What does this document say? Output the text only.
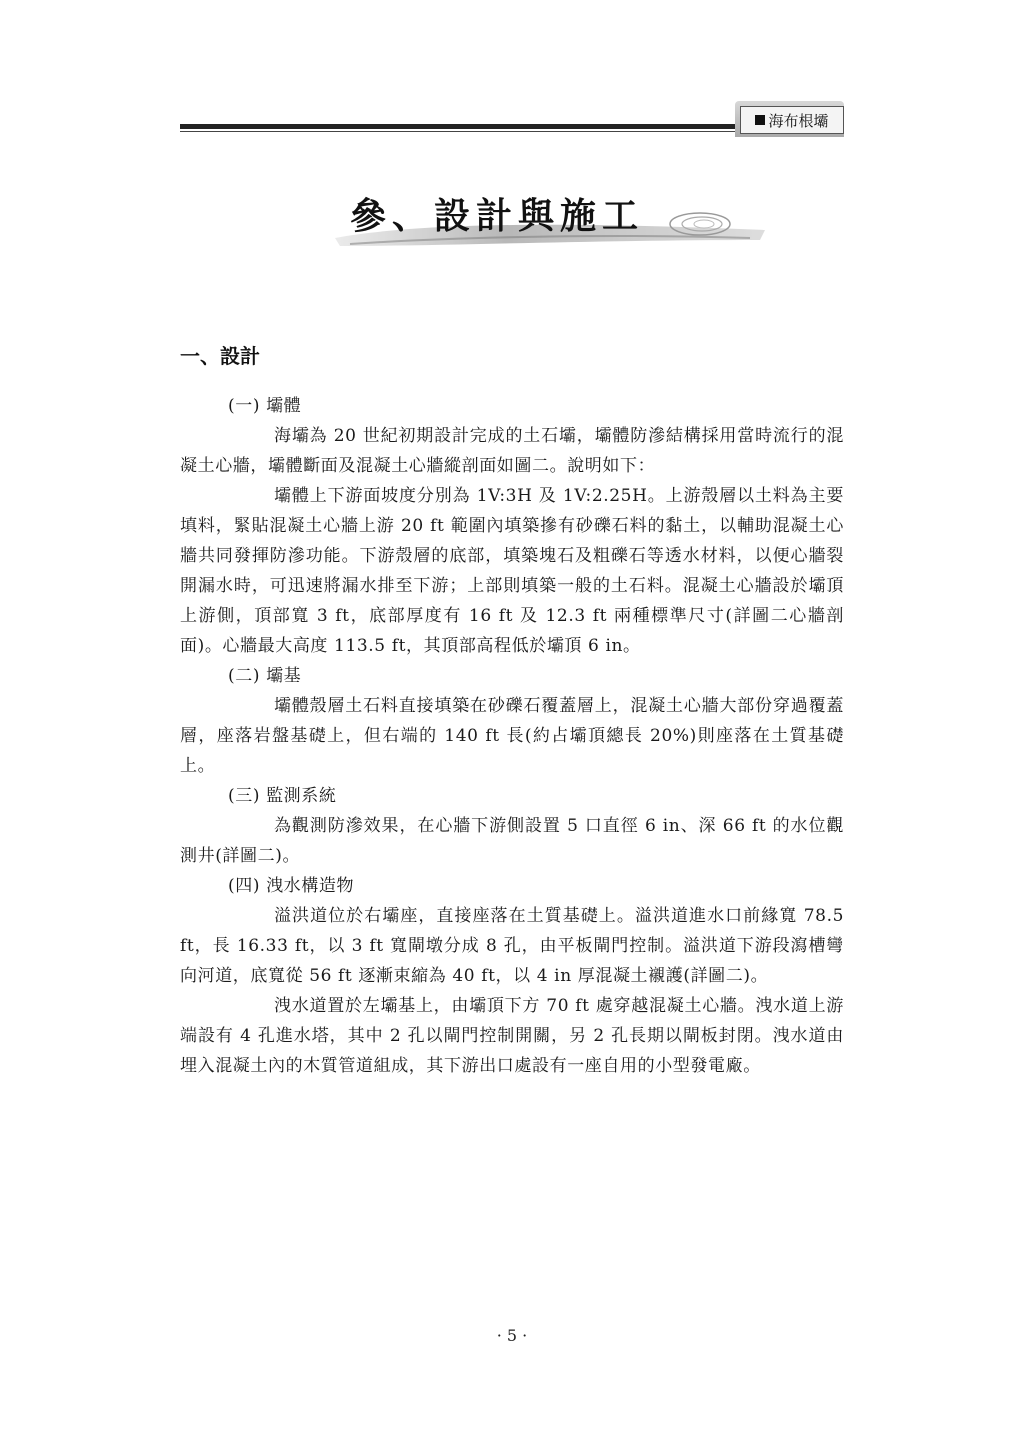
海布根壩
參、設計與施工
一、設計

(一) 壩體

海壩為 20 世紀初期設計完成的土石壩，壩體防滲結構採用當時流行的混凝土心牆，壩體斷面及混凝土心牆縱剖面如圖二。說明如下：

壩體上下游面坡度分別為 1V:3H 及 1V:2.25H。上游殼層以土料為主要填料，緊貼混凝土心牆上游 20 ft 範圍內填築摻有砂礫石料的黏土，以輔助混凝土心牆共同發揮防滲功能。下游殼層的底部，填築塊石及粗礫石等透水材料，以便心牆裂開漏水時，可迅速將漏水排至下游；上部則填築一般的土石料。混凝土心牆設於壩頂上游側，頂部寬 3 ft，底部厚度有 16 ft 及 12.3 ft 兩種標準尺寸(詳圖二心牆剖面)。心牆最大高度 113.5 ft，其頂部高程低於壩頂 6 in。

(二) 壩基

壩體殼層土石料直接填築在砂礫石覆蓋層上，混凝土心牆大部份穿過覆蓋層，座落岩盤基礎上，但右端的 140 ft 長(約占壩頂總長 20%)則座落在土質基礎上。

(三) 監測系統

為觀測防滲效果，在心牆下游側設置 5 口直徑 6 in、深 66 ft 的水位觀測井(詳圖二)。

(四) 洩水構造物

溢洪道位於右壩座，直接座落在土質基礎上。溢洪道進水口前緣寬 78.5 ft，長 16.33 ft，以 3 ft 寬閘墩分成 8 孔，由平板閘門控制。溢洪道下游段瀉槽彎向河道，底寬從 56 ft 逐漸束縮為 40 ft，以 4 in 厚混凝土襯護(詳圖二)。

洩水道置於左壩基上，由壩頂下方 70 ft 處穿越混凝土心牆。洩水道上游端設有 4 孔進水塔，其中 2 孔以閘門控制開關，另 2 孔長期以閘板封閉。洩水道由埋入混凝土內的木質管道組成，其下游出口處設有一座自用的小型發電廠。

· 5 ·
